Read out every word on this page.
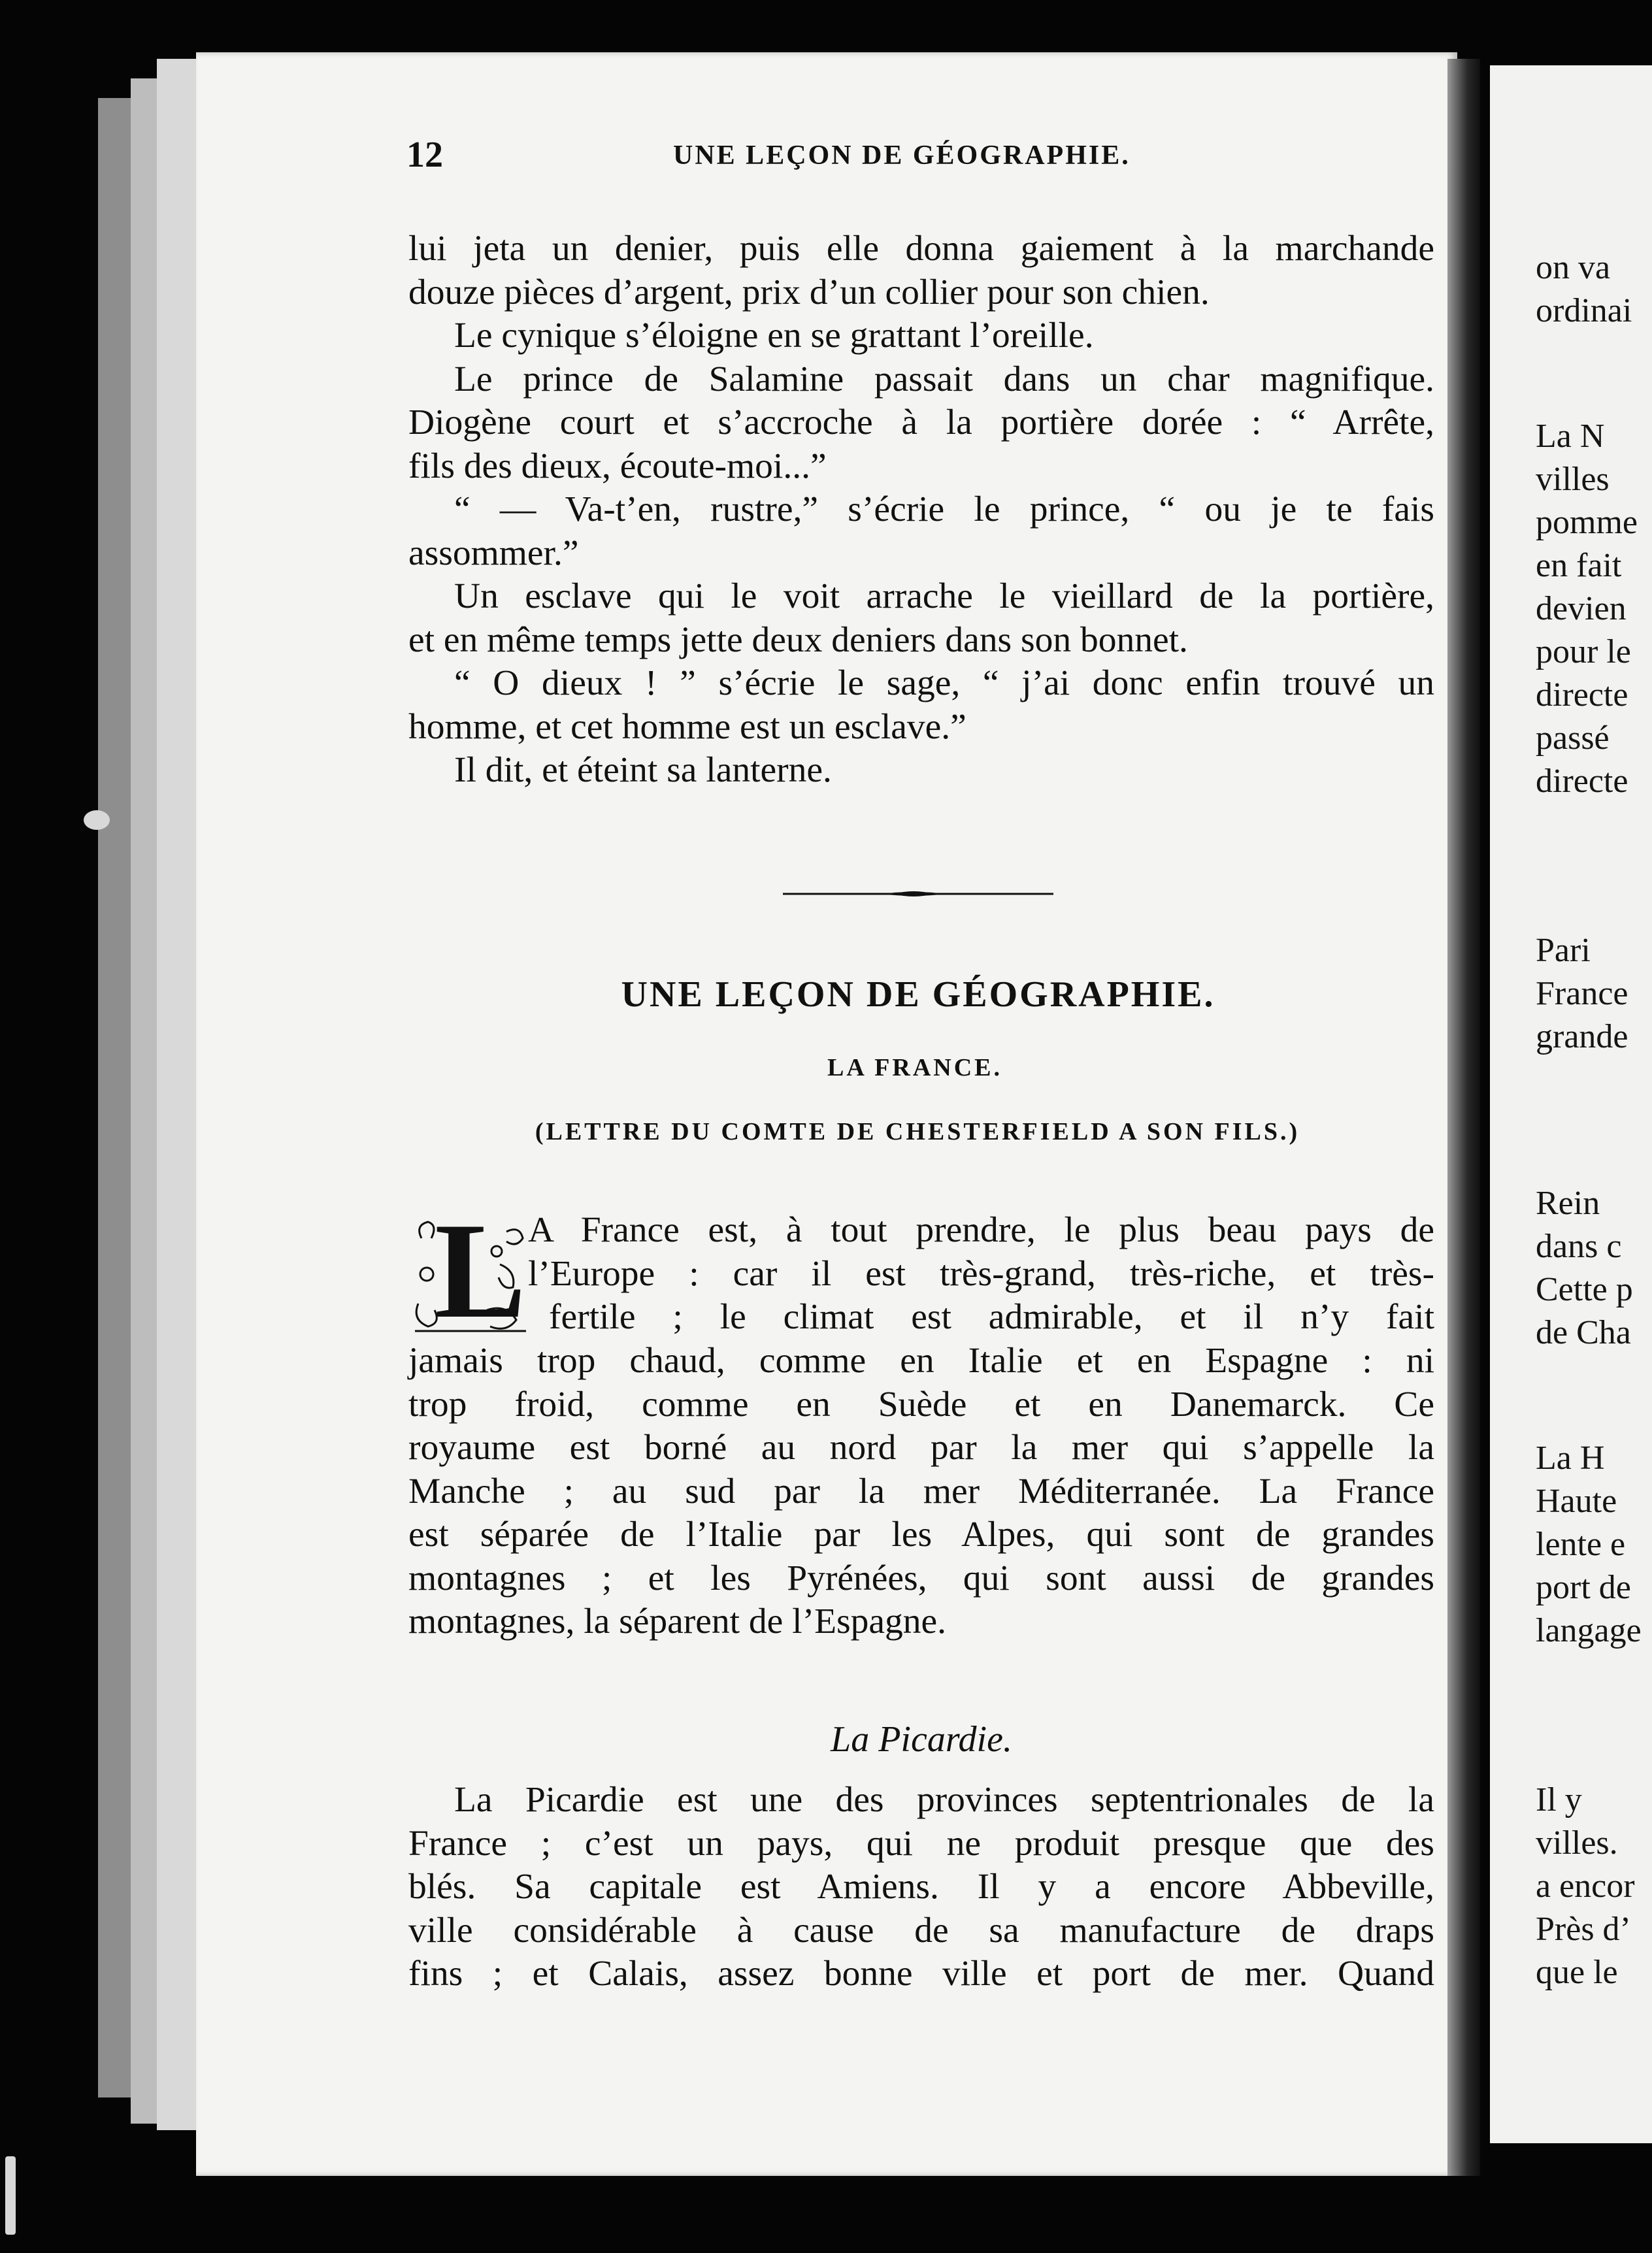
on va
ordinai
La N
villes
pomme
en fait
devien
pour le
directe
passé
directe
Pari
France
grande
Rein
dans c
Cette p
de Cha
La H
Haute
lente e
port de
langage
Il y
villes.
a encor
Près d’
que le
12	UNE LEÇON DE GÉOGRAPHIE.
lui jeta un denier, puis elle donna gaiement à la marchande
douze pièces d’argent, prix d’un collier pour son chien.
Le cynique s’éloigne en se grattant l’oreille.
Le prince de Salamine passait dans un char magnifique.
Diogène court et s’accroche à la portière dorée : “ Arrête,
fils des dieux, écoute-moi...”
“ — Va-t’en, rustre,” s’écrie le prince, “ ou je te fais
assommer.”
Un esclave qui le voit arrache le vieillard de la portière,
et en même temps jette deux deniers dans son bonnet.
“ O dieux ! ” s’écrie le sage, “ j’ai donc enfin trouvé un
homme, et cet homme est un esclave.”
Il dit, et éteint sa lanterne.
UNE LEÇON DE GÉOGRAPHIE.
LA FRANCE.
(LETTRE DU COMTE DE CHESTERFIELD A SON FILS.)
L A France est, à tout prendre, le plus beau pays de
l’Europe : car il est très-grand, très-riche, et très-
fertile ; le climat est admirable, et il n’y fait
jamais trop chaud, comme en Italie et en Espagne : ni
trop froid, comme en Suède et en Danemarck. Ce
royaume est borné au nord par la mer qui s’appelle la
Manche ; au sud par la mer Méditerranée. La France
est séparée de l’Italie par les Alpes, qui sont de grandes
montagnes ; et les Pyrénées, qui sont aussi de grandes
montagnes, la séparent de l’Espagne.
La Picardie.
La Picardie est une des provinces septentrionales de la
France ; c’est un pays, qui ne produit presque que des
blés. Sa capitale est Amiens. Il y a encore Abbeville,
ville considérable à cause de sa manufacture de draps
fins ; et Calais, assez bonne ville et port de mer. Quand
